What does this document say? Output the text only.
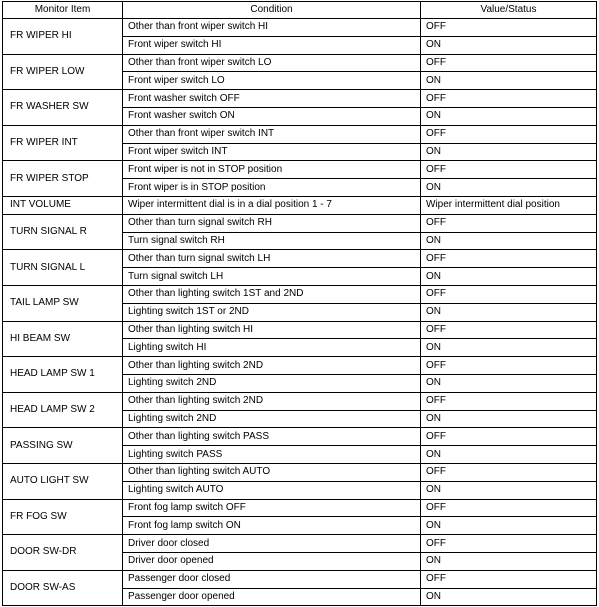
Monitor Item	Condition	Value/Status
FR WIPER HI	Other than front wiper switch HI	OFF
	Front wiper switch HI	ON
FR WIPER LOW	Other than front wiper switch LO	OFF
	Front wiper switch LO	ON
FR WASHER SW	Front washer switch OFF	OFF
	Front washer switch ON	ON
FR WIPER INT	Other than front wiper switch INT	OFF
	Front wiper switch INT	ON
FR WIPER STOP	Front wiper is not in STOP position	OFF
	Front wiper is in STOP position	ON
INT VOLUME	Wiper intermittent dial is in a dial position 1 - 7	Wiper intermittent dial position
TURN SIGNAL R	Other than turn signal switch RH	OFF
	Turn signal switch RH	ON
TURN SIGNAL L	Other than turn signal switch LH	OFF
	Turn signal switch LH	ON
TAIL LAMP SW	Other than lighting switch 1ST and 2ND	OFF
	Lighting switch 1ST or 2ND	ON
HI BEAM SW	Other than lighting switch HI	OFF
	Lighting switch HI	ON
HEAD LAMP SW 1	Other than lighting switch 2ND	OFF
	Lighting switch 2ND	ON
HEAD LAMP SW 2	Other than lighting switch 2ND	OFF
	Lighting switch 2ND	ON
PASSING SW	Other than lighting switch PASS	OFF
	Lighting switch PASS	ON
AUTO LIGHT SW	Other than lighting switch AUTO	OFF
	Lighting switch AUTO	ON
FR FOG SW	Front fog lamp switch OFF	OFF
	Front fog lamp switch ON	ON
DOOR SW-DR	Driver door closed	OFF
	Driver door opened	ON
DOOR SW-AS	Passenger door closed	OFF
	Passenger door opened	ON
